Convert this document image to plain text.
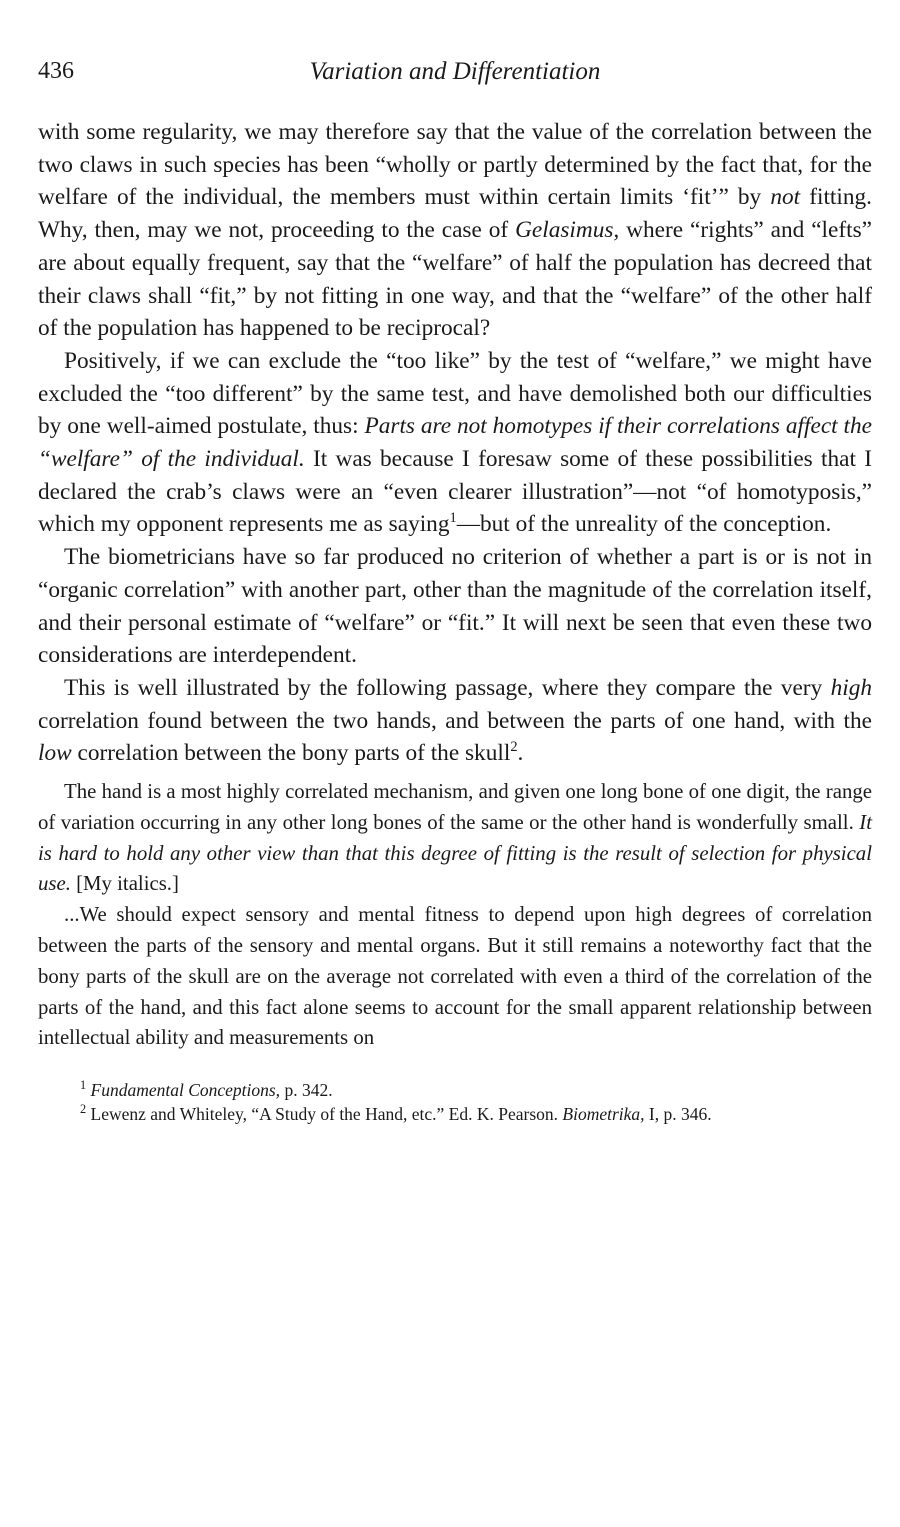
436	Variation and Differentiation

with some regularity, we may therefore say that the value of the correlation between the two claws in such species has been “wholly or partly determined by the fact that, for the welfare of the individual, the members must within certain limits ‘fit’” by not fitting. Why, then, may we not, proceeding to the case of Gelasimus, where “rights” and “lefts” are about equally frequent, say that the “welfare” of half the population has decreed that their claws shall “fit,” by not fitting in one way, and that the “welfare” of the other half of the population has happened to be reciprocal?

Positively, if we can exclude the “too like” by the test of “welfare,” we might have excluded the “too different” by the same test, and have demolished both our difficulties by one well-aimed postulate, thus: Parts are not homotypes if their correlations affect the “welfare” of the individual. It was because I foresaw some of these possibilities that I declared the crab’s claws were an “even clearer illustration”—not “of homotyposis,” which my opponent represents me as saying$^1$—but of the unreality of the conception.

The biometricians have so far produced no criterion of whether a part is or is not in “organic correlation” with another part, other than the magnitude of the correlation itself, and their personal estimate of “welfare” or “fit.” It will next be seen that even these two considerations are interdependent.

This is well illustrated by the following passage, where they compare the very high correlation found between the two hands, and between the parts of one hand, with the low correlation between the bony parts of the skull$^2$.

The hand is a most highly correlated mechanism, and given one long bone of one digit, the range of variation occurring in any other long bones of the same or the other hand is wonderfully small. It is hard to hold any other view than that this degree of fitting is the result of selection for physical use. [My italics.]

...We should expect sensory and mental fitness to depend upon high degrees of correlation between the parts of the sensory and mental organs. But it still remains a noteworthy fact that the bony parts of the skull are on the average not correlated with even a third of the correlation of the parts of the hand, and this fact alone seems to account for the small apparent relationship between intellectual ability and measurements on

$^1$ Fundamental Conceptions, p. 342.

$^2$ Lewenz and Whiteley, “A Study of the Hand, etc.” Ed. K. Pearson. Biometrika, I, p. 346.
